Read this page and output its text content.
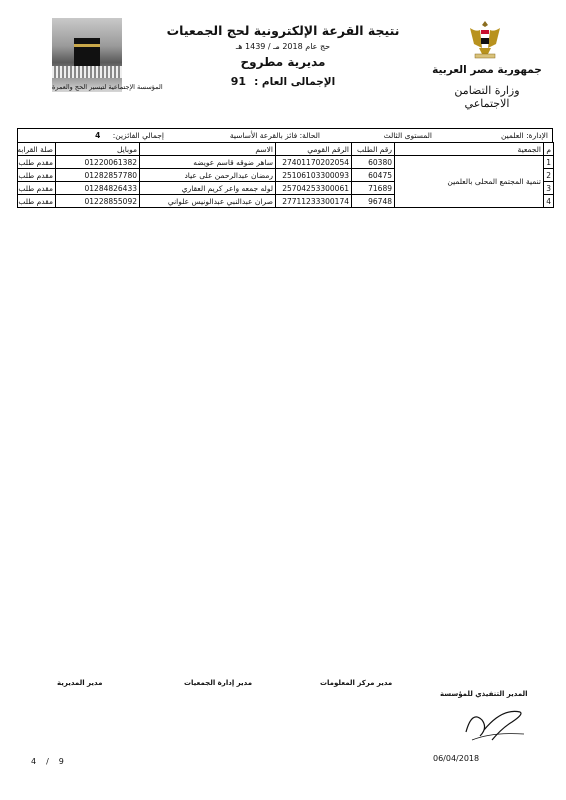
المؤسسة الإجتماعية لتيسير الحج والعمرة
نتيجة القرعة الإلكترونية لحج الجمعيات
حج عام 2018 مـ / 1439 هـ
مديرية مطروح
الإجمالى العام :91
جمهورية مصر العربية
وزارة التضامن الاجتماعي
الإدارة: العلمين
المستوى الثالث
الحالة: فائز بالقرعة الأساسية
إجمالي الفائزين: 4
صلة القرابه	موبايل	الاسم	الرقم القومي	رقم الطلب	الجمعية	م
مقدم طلب	01220061382	ساهر ضوقه قاسم عويضه	27401170202054	60380	تنمية المجتمع المحلى بالعلمين	1
مقدم طلب	01282857780	رمضان عبدالرحمن على عياد	25106103300093	60475		2
مقدم طلب	01284826433	لوله جمعه واعر كريم العقاري	25704253300061	71689		3
مقدم طلب	01228855092	صران عبدالنبي عبدالونيس علواني	27711233300174	96748		4
مدير المديرية	مدير إدارة الجمعيات	مدير مركز المعلومات
المدير التنفيذي للمؤسسة
06/04/2018
4 / 9
